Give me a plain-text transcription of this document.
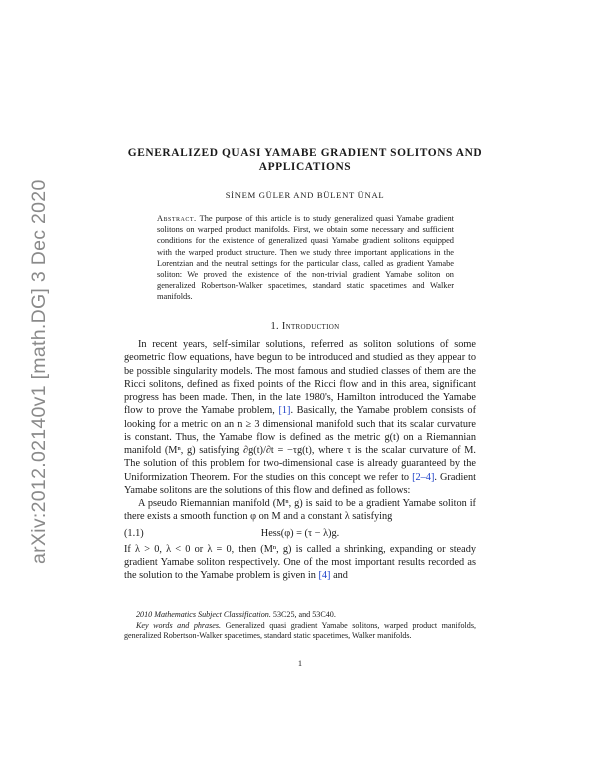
arXiv:2012.02140v1 [math.DG] 3 Dec 2020
GENERALIZED QUASI YAMABE GRADIENT SOLITONS AND APPLICATIONS
SİNEM GÜLER AND BÜLENT ÜNAL
Abstract. The purpose of this article is to study generalized quasi Yamabe gradient solitons on warped product manifolds. First, we obtain some necessary and sufficient conditions for the existence of generalized quasi Yamabe gradient solitons equipped with the warped product structure. Then we study three important applications in the Lorentzian and the neutral settings for the particular class, called as gradient Yamabe soliton: We proved the existence of the non-trivial gradient Yamabe soliton on generalized Robertson-Walker spacetimes, standard static spacetimes and Walker manifolds.
1. Introduction

In recent years, self-similar solutions, referred as soliton solutions of some geometric flow equations, have begun to be introduced and studied as they appear to be possible singularity models. The most famous and studied classes of them are the Ricci solitons, defined as fixed points of the Ricci flow and in this area, significant progress has been made. Then, in the late 1980's, Hamilton introduced the Yamabe flow to prove the Yamabe problem, [1]. Basically, the Yamabe problem consists of looking for a metric on an n ≥ 3 dimensional manifold such that its scalar curvature is constant. Thus, the Yamabe flow is defined as the metric g(t) on a Riemannian manifold (Mⁿ, g) satisfying ∂g(t)/∂t = −τg(t), where τ is the scalar curvature of M. The solution of this problem for two-dimensional case is already guaranteed by the Uniformization Theorem. For the studies on this concept we refer to [2–4]. Gradient Yamabe solitons are the solutions of this flow and defined as follows:

A pseudo Riemannian manifold (Mⁿ, g) is said to be a gradient Yamabe soliton if there exists a smooth function φ on M and a constant λ satisfying

(1.1)	Hess(φ) = (τ − λ)g.

If λ > 0, λ < 0 or λ = 0, then (Mⁿ, g) is called a shrinking, expanding or steady gradient Yamabe soliton respectively. One of the most important results recorded as the solution to the Yamabe problem is given in [4] and

2010 Mathematics Subject Classification. 53C25, and 53C40.

Key words and phrases. Generalized quasi gradient Yamabe solitons, warped product manifolds, generalized Robertson-Walker spacetimes, standard static spacetimes, Walker manifolds.

1
